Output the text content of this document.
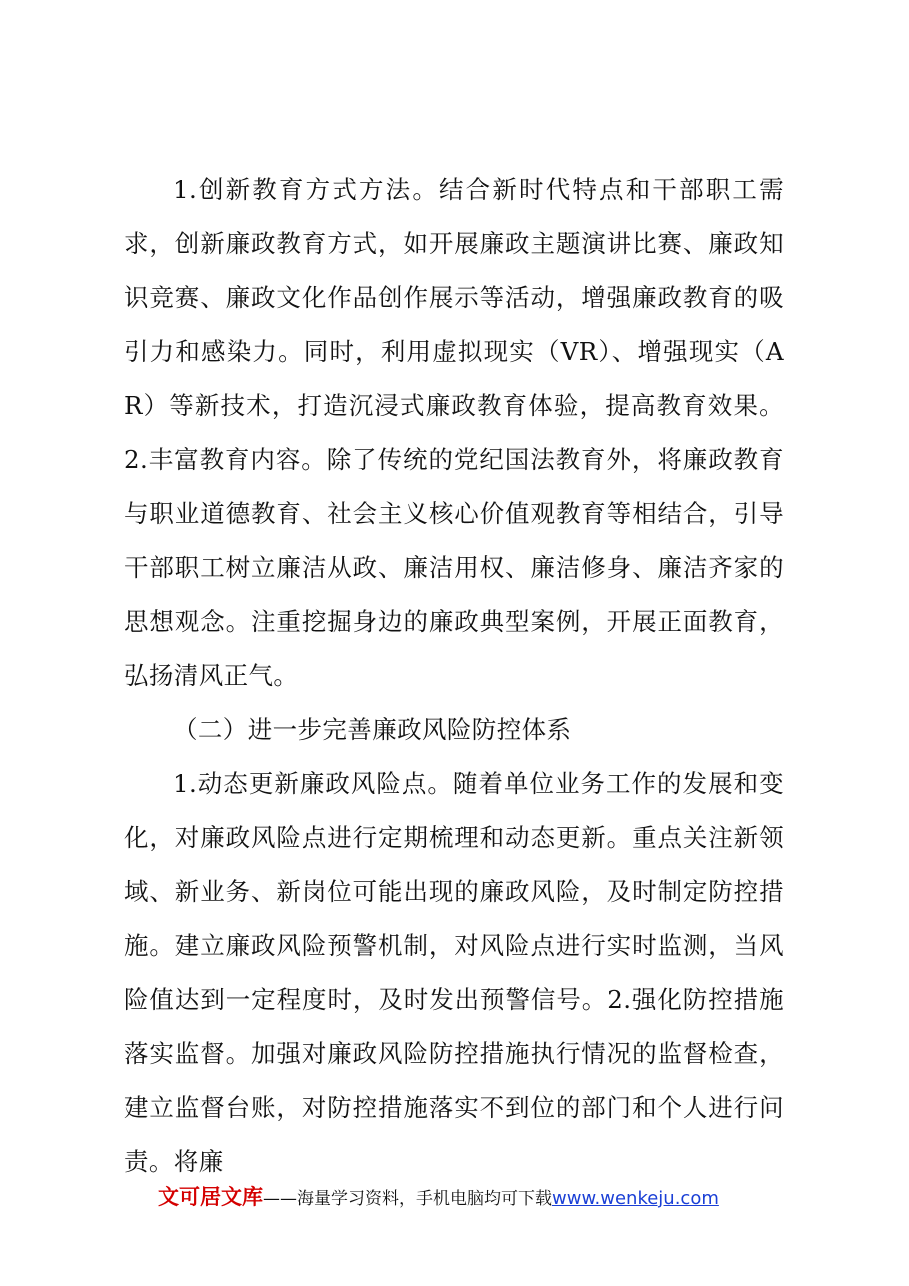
1.创新教育方式方法。结合新时代特点和干部职工需求，创新廉政教育方式，如开展廉政主题演讲比赛、廉政知识竞赛、廉政文化作品创作展示等活动，增强廉政教育的吸引力和感染力。同时，利用虚拟现实（VR）、增强现实（AR）等新技术，打造沉浸式廉政教育体验，提高教育效果。2.丰富教育内容。除了传统的党纪国法教育外，将廉政教育与职业道德教育、社会主义核心价值观教育等相结合，引导干部职工树立廉洁从政、廉洁用权、廉洁修身、廉洁齐家的思想观念。注重挖掘身边的廉政典型案例，开展正面教育，弘扬清风正气。

（二）进一步完善廉政风险防控体系

1.动态更新廉政风险点。随着单位业务工作的发展和变化，对廉政风险点进行定期梳理和动态更新。重点关注新领域、新业务、新岗位可能出现的廉政风险，及时制定防控措施。建立廉政风险预警机制，对风险点进行实时监测，当风险值达到一定程度时，及时发出预警信号。2.强化防控措施落实监督。加强对廉政风险防控措施执行情况的监督检查，建立监督台账，对防控措施落实不到位的部门和个人进行问责。将廉

文可居文库——海量学习资料，手机电脑均可下载www.wenkeju.com
